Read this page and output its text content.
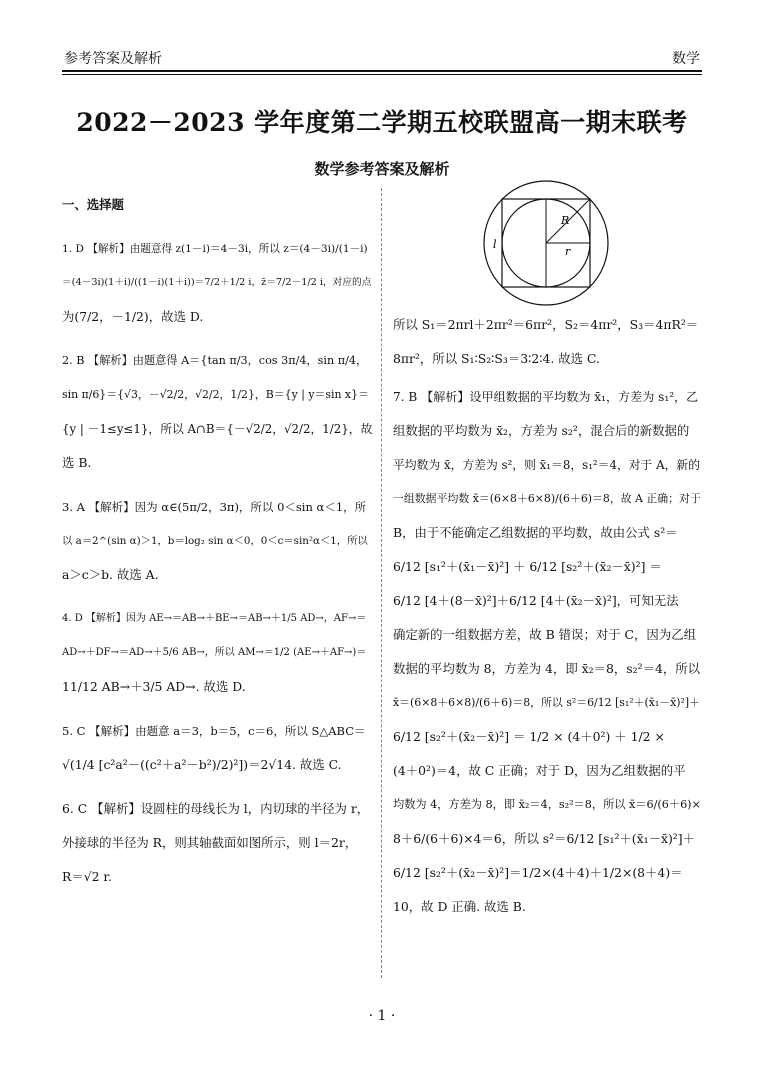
参考答案及解析	数学
2022－2023 学年度第二学期五校联盟高一期末联考
数学参考答案及解析
一、选择题
1. D 【解析】由题意得 z(1－i)＝4－3i，所以 z＝(4－3i)/(1－i)
＝(4－3i)(1＋i)/((1－i)(1＋i))＝7/2＋1/2 i，z̄＝7/2－1/2 i，对应的点
为(7/2，－1/2)，故选 D.
2. B 【解析】由题意得 A＝{tan π/3，cos 3π/4，sin π/4，
sin π/6}＝{√3，－√2/2，√2/2，1/2}，B＝{y | y＝sin x}＝
{y | －1≤y≤1}，所以 A∩B＝{－√2/2，√2/2，1/2}，故
选 B.
3. A 【解析】因为 α∈(5π/2，3π)，所以 0＜sin α＜1，所
以 a＝2^(sin α)＞1，b＝log₂ sin α＜0，0＜c＝sin²α＜1，所以
a＞c＞b. 故选 A.
4. D 【解析】因为 AE→＝AB→＋BE→＝AB→＋1/5 AD→，AF→＝
AD→＋DF→＝AD→＋5/6 AB→，所以 AM→＝1/2 (AE→＋AF→)＝
11/12 AB→＋3/5 AD→. 故选 D.
5. C 【解析】由题意 a＝3，b＝5，c＝6，所以 S△ABC＝
√(1/4 [c²a²－((c²＋a²－b²)/2)²])＝2√14. 故选 C.
6. C 【解析】设圆柱的母线长为 l，内切球的半径为 r，
外接球的半径为 R，则其轴截面如图所示，则 l＝2r，
R＝√2 r.
R
r
l
所以 S₁＝2πrl＋2πr²＝6πr²，S₂＝4πr²，S₃＝4πR²＝
8πr²，所以 S₁∶S₂∶S₃＝3∶2∶4. 故选 C.
7. B 【解析】设甲组数据的平均数为 x̄₁，方差为 s₁²，乙
组数据的平均数为 x̄₂，方差为 s₂²，混合后的新数据的
平均数为 x̄，方差为 s²，则 x̄₁＝8，s₁²＝4，对于 A，新的
一组数据平均数 x̄＝(6×8＋6×8)/(6＋6)＝8，故 A 正确；对于
B，由于不能确定乙组数据的平均数，故由公式 s²＝
6/12 [s₁²＋(x̄₁－x̄)²] ＋ 6/12 [s₂²＋(x̄₂－x̄)²] ＝
6/12 [4＋(8－x̄)²]＋6/12 [4＋(x̄₂－x̄)²]，可知无法
确定新的一组数据方差，故 B 错误；对于 C，因为乙组
数据的平均数为 8，方差为 4，即 x̄₂＝8，s₂²＝4，所以
x̄＝(6×8＋6×8)/(6＋6)＝8，所以 s²＝6/12 [s₁²＋(x̄₁－x̄)²]＋
6/12 [s₂²＋(x̄₂－x̄)²] ＝ 1/2 × (4＋0²) ＋ 1/2 ×
(4＋0²)＝4，故 C 正确；对于 D，因为乙组数据的平
均数为 4，方差为 8，即 x̄₂＝4，s₂²＝8，所以 x̄＝6/(6＋6)×
8＋6/(6＋6)×4＝6，所以 s²＝6/12 [s₁²＋(x̄₁－x̄)²]＋
6/12 [s₂²＋(x̄₂－x̄)²]＝1/2×(4＋4)＋1/2×(8＋4)＝
10，故 D 正确. 故选 B.
· 1 ·
